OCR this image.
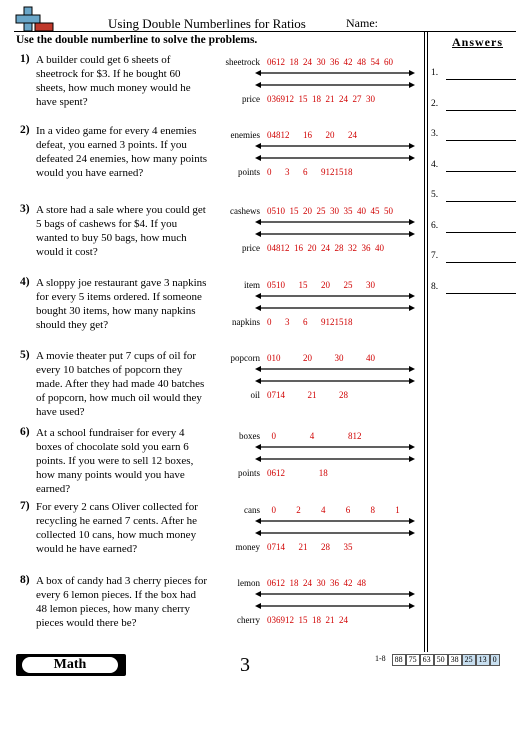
Using Double Numberlines for Ratios	Name:
Use the double numberline to solve the problems.	Answers
1) A builder could get 6 sheets of sheetrock for $3. If he bought 60 sheets, how much money would he have spent?
sheetrock 0612  18  24  30  36  42  48  54  60
price 036912  15  18  21  24  27  30
2) In a video game for every 4 enemies defeat, you earned 3 points. If you defeated 24 enemies, how many points would you have earned?
enemies 04812      16      20      24
points 0      3      6      9121518
3) A store had a sale where you could get 5 bags of cashews for $4. If you wanted to buy 50 bags, how much would it cost?
cashews 0510  15  20  25  30  35  40  45  50
price 04812  16  20  24  28  32  36  40
4) A sloppy joe restaurant gave 3 napkins for every 5 items ordered. If someone bought 30 items, how many napkins should they get?
item 0510      15      20      25      30
napkins 0      3      6      9121518
5) A movie theater put 7 cups of oil for every 10 batches of popcorn they made. After they had made 40 batches of popcorn, how much oil would they have used?
popcorn 010          20          30          40
oil 0714          21          28
6) At a school fundraiser for every 4 boxes of chocolate sold you earn 6 points. If you were to sell 12 boxes, how many points would you have earned?
boxes 0               4               812
points 0612               18
7) For every 2 cans Oliver collected for recycling he earned 7 cents. After he collected 10 cans, how much money would he have earned?
cans 0         2         4         6         8         1
money 0714      21      28      35
8) A box of candy had 3 cherry pieces for every 6 lemon pieces. If the box had 48 lemon pieces, how many cherry pieces would there be?
lemon 0612  18  24  30  36  42  48
cherry 036912  15  18  21  24
1.
2.
3.
4.
5.
6.
7.
8.
Math	3	1-8	88 75 63 50 38 25 13 0
